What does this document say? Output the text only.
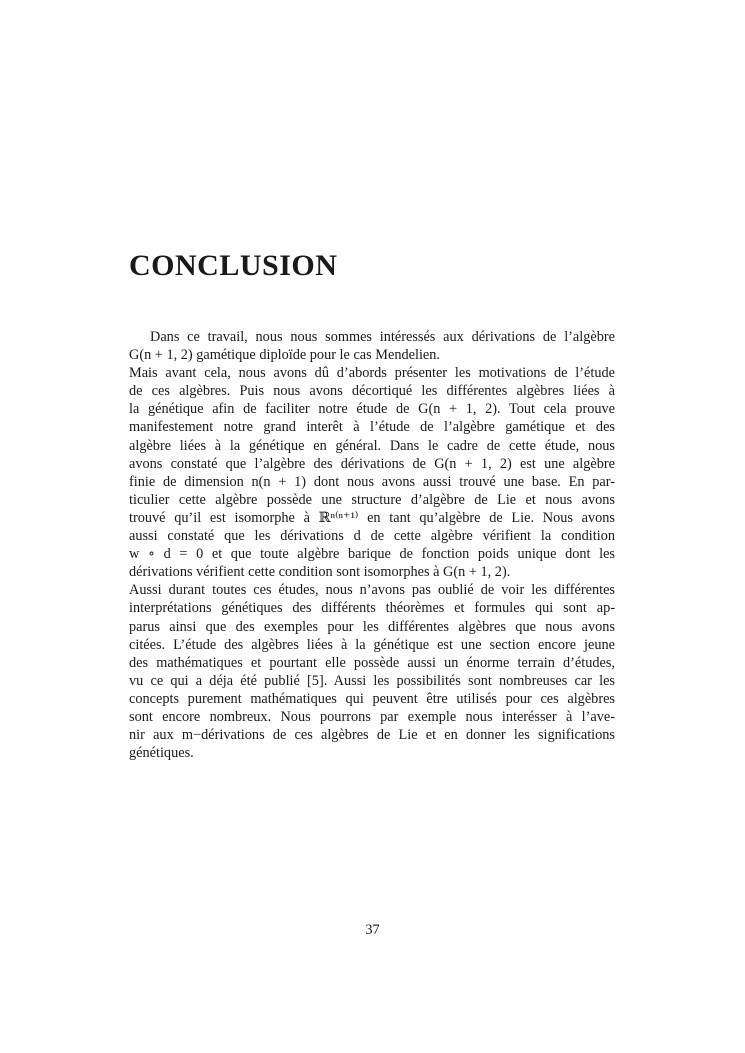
CONCLUSION
Dans ce travail, nous nous sommes intéressés aux dérivations de l’algèbre
G(n + 1, 2) gamétique diploïde pour le cas Mendelien.
Mais avant cela, nous avons dû d’abords présenter les motivations de l’étude
de ces algèbres. Puis nous avons décortiqué les différentes algèbres liées à
la génétique afin de faciliter notre étude de G(n + 1, 2). Tout cela prouve
manifestement notre grand interêt à l’étude de l’algèbre gamétique et des
algèbre liées à la génétique en général. Dans le cadre de cette étude, nous
avons constaté que l’algèbre des dérivations de G(n + 1, 2) est une algèbre
finie de dimension n(n + 1) dont nous avons aussi trouvé une base. En par-
ticulier cette algèbre possède une structure d’algèbre de Lie et nous avons
trouvé qu’il est isomorphe à ℝⁿ⁽ⁿ⁺¹⁾ en tant qu’algèbre de Lie. Nous avons
aussi constaté que les dérivations d de cette algèbre vérifient la condition
w ∘ d = 0 et que toute algèbre barique de fonction poids unique dont les
dérivations vérifient cette condition sont isomorphes à G(n + 1, 2).
Aussi durant toutes ces études, nous n’avons pas oublié de voir les différentes
interprétations génétiques des différents théorèmes et formules qui sont ap-
parus ainsi que des exemples pour les différentes algèbres que nous avons
citées. L’étude des algèbres liées à la génétique est une section encore jeune
des mathématiques et pourtant elle possède aussi un énorme terrain d’études,
vu ce qui a déja été publié [5]. Aussi les possibilités sont nombreuses car les
concepts purement mathématiques qui peuvent être utilisés pour ces algèbres
sont encore nombreux. Nous pourrons par exemple nous interésser à l’ave-
nir aux m−dérivations de ces algèbres de Lie et en donner les significations
génétiques.
37
